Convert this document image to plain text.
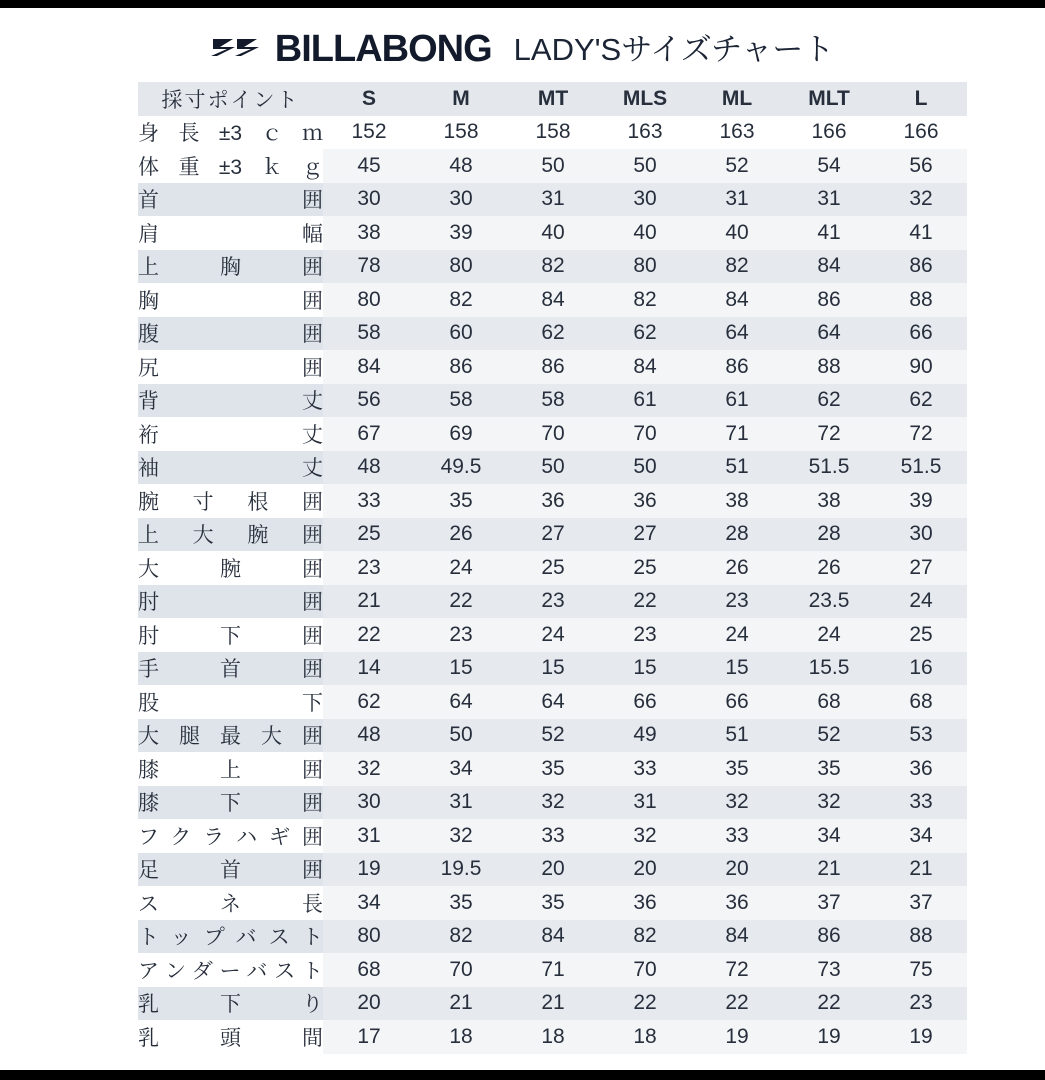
BILLABONG LADY'Sサイズチャート
採寸ポイント	S	M	MT	MLS	ML	MLT	L
身長±3ｃｍ	152	158	158	163	163	166	166
体重±3ｋｇ	45	48	50	50	52	54	56
首囲	30	30	31	30	31	31	32
肩幅	38	39	40	40	40	41	41
上胸囲	78	80	82	80	82	84	86
胸囲	80	82	84	82	84	86	88
腹囲	58	60	62	62	64	64	66
尻囲	84	86	86	84	86	88	90
背丈	56	58	58	61	61	62	62
裄丈	67	69	70	70	71	72	72
袖丈	48	49.5	50	50	51	51.5	51.5
腕寸根囲	33	35	36	36	38	38	39
上大腕囲	25	26	27	27	28	28	30
大腕囲	23	24	25	25	26	26	27
肘囲	21	22	23	22	23	23.5	24
肘下囲	22	23	24	23	24	24	25
手首囲	14	15	15	15	15	15.5	16
股下	62	64	64	66	66	68	68
大腿最大囲	48	50	52	49	51	52	53
膝上囲	32	34	35	33	35	35	36
膝下囲	30	31	32	31	32	32	33
フクラハギ囲	31	32	33	32	33	34	34
足首囲	19	19.5	20	20	20	21	21
スネ長	34	35	35	36	36	37	37
トップバスト	80	82	84	82	84	86	88
アンダーバスト	68	70	71	70	72	73	75
乳下り	20	21	21	22	22	22	23
乳頭間	17	18	18	18	19	19	19
